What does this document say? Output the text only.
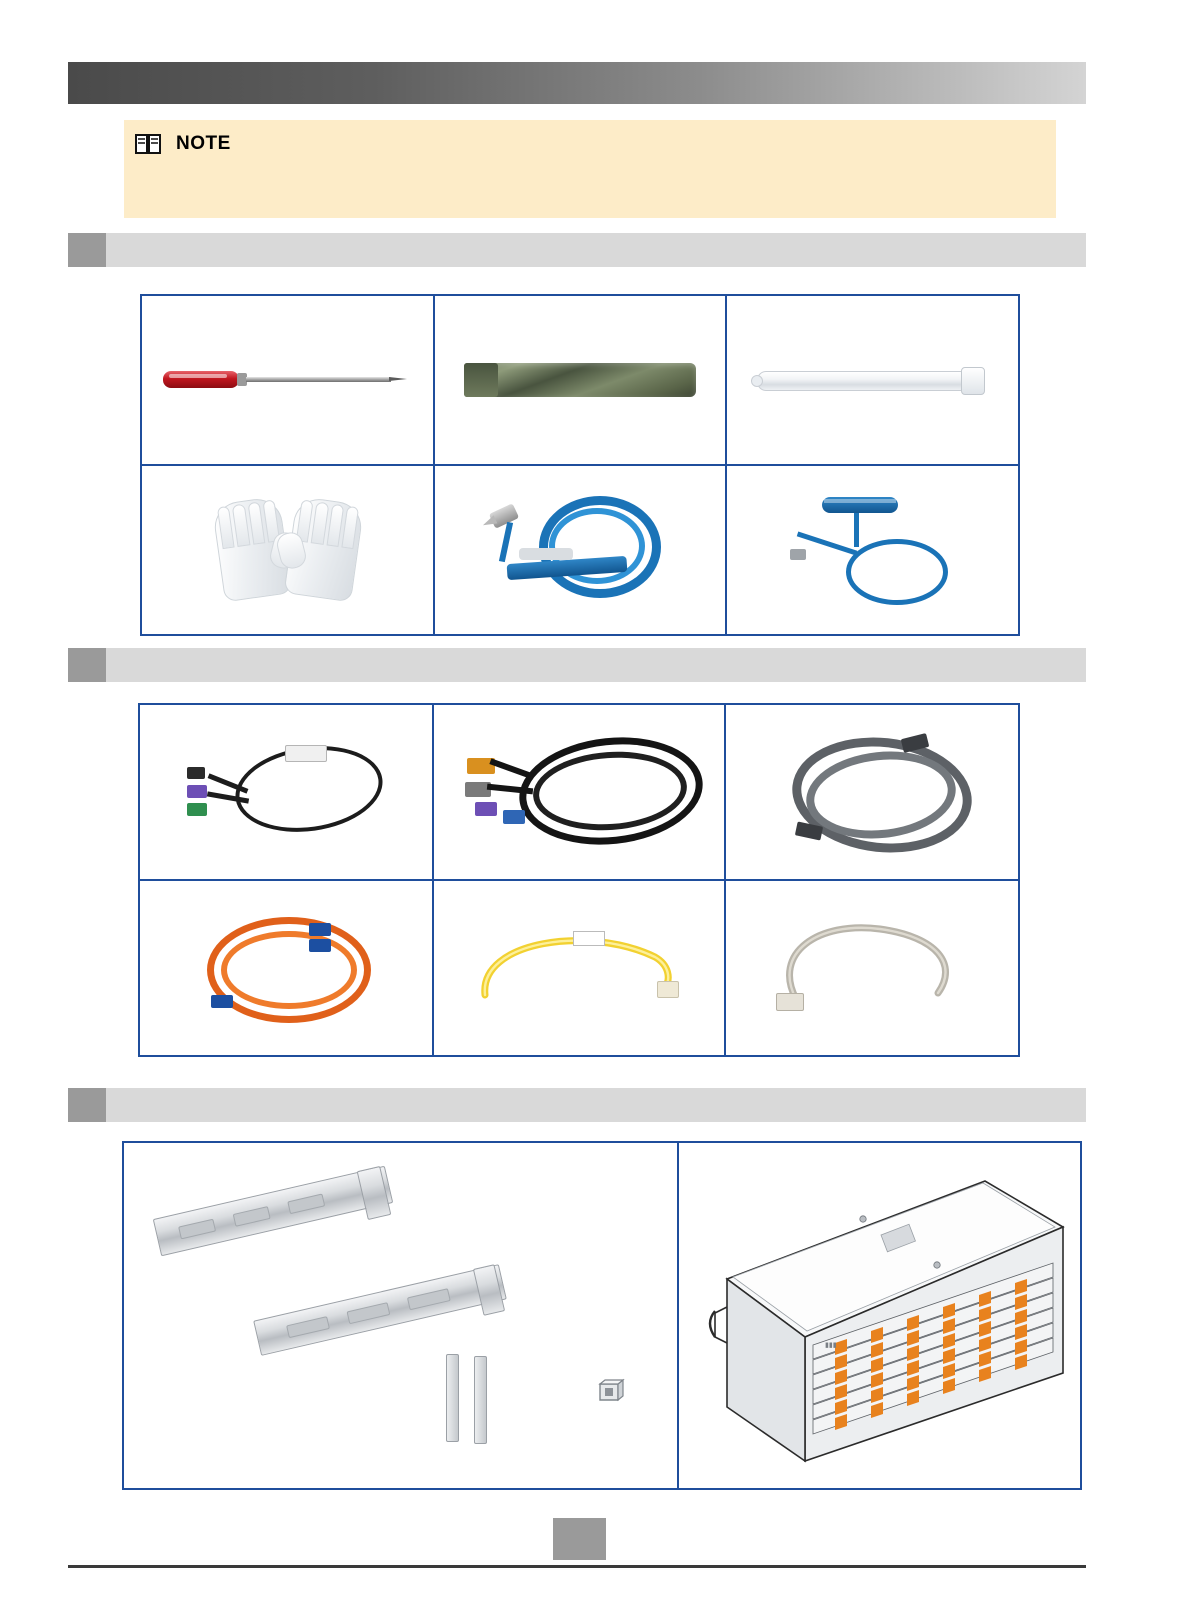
NOTE
▮▮▮
